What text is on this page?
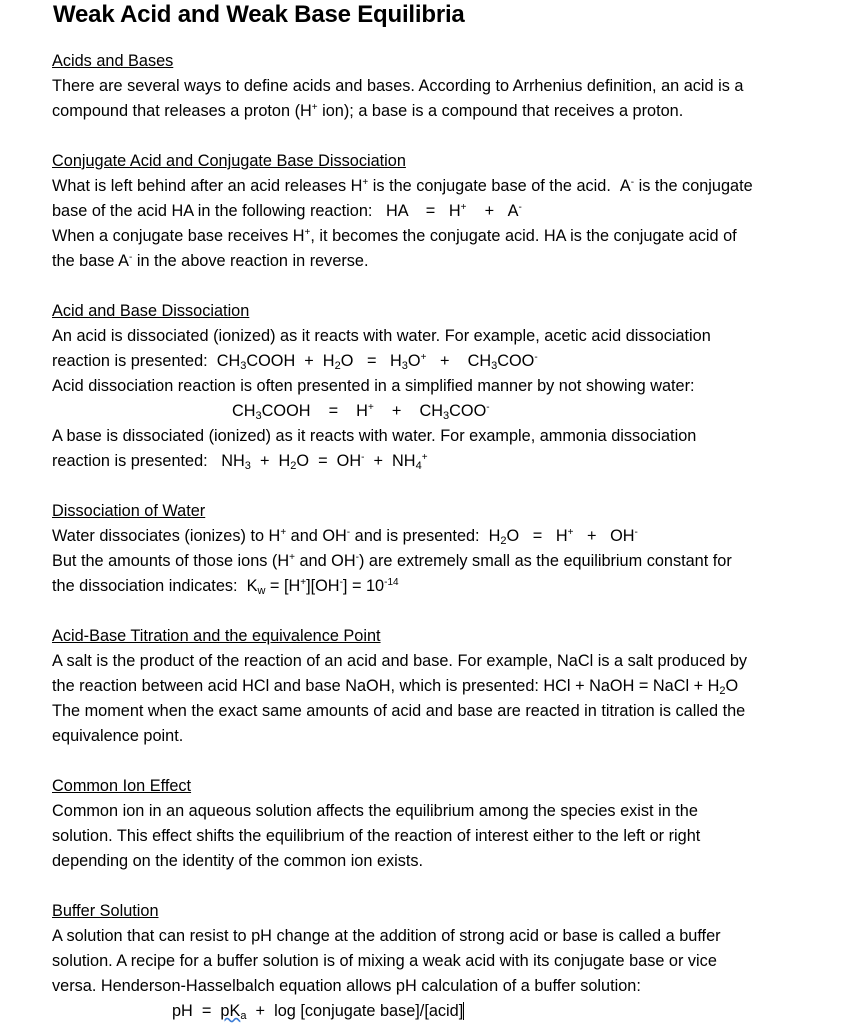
Weak Acid and Weak Base Equilibria

Acids and Bases

There are several ways to define acids and bases. According to Arrhenius definition, an acid is a

compound that releases a proton (H+ ion); a base is a compound that receives a proton.

Conjugate Acid and Conjugate Base Dissociation

What is left behind after an acid releases H+ is the conjugate base of the acid.  A- is the conjugate

base of the acid HA in the following reaction:   HA    =   H+    +   A-

When a conjugate base receives H+, it becomes the conjugate acid. HA is the conjugate acid of

the base A- in the above reaction in reverse.

Acid and Base Dissociation

An acid is dissociated (ionized) as it reacts with water. For example, acetic acid dissociation

reaction is presented:  $CH_3COOH + H_2O = H_3O^+$   +    $CH_3COO^-$

Acid dissociation reaction is often presented in a simplified manner by not showing water:

$CH_3COOH$    =    H+    +    $CH_3COO^-$

A base is dissociated (ionized) as it reacts with water. For example, ammonia dissociation

reaction is presented:   $NH_3 + H_2O = OH^- + NH_4^+$

Dissociation of Water

Water dissociates (ionizes) to H+ and OH- and is presented:  $H_2O = H^+ + OH^-$

But the amounts of those ions (H+ and OH-) are extremely small as the equilibrium constant for

the dissociation indicates:  $K_w = [H^+][OH^-] = 10^{-14}$

Acid-Base Titration and the equivalence Point

A salt is the product of the reaction of an acid and base. For example, NaCl is a salt produced by

the reaction between acid HCl and base NaOH, which is presented: HCl + NaOH = NaCl + $H_2O$

The moment when the exact same amounts of acid and base are reacted in titration is called the

equivalence point.

Common Ion Effect

Common ion in an aqueous solution affects the equilibrium among the species exist in the

solution. This effect shifts the equilibrium of the reaction of interest either to the left or right

depending on the identity of the common ion exists.

Buffer Solution

A solution that can resist to pH change at the addition of strong acid or base is called a buffer

solution. A recipe for a buffer solution is of mixing a weak acid with its conjugate base or vice

versa. Henderson-Hasselbalch equation allows pH calculation of a buffer solution:

pH  =  $pK_a + \log$ [conjugate base]/[acid]
